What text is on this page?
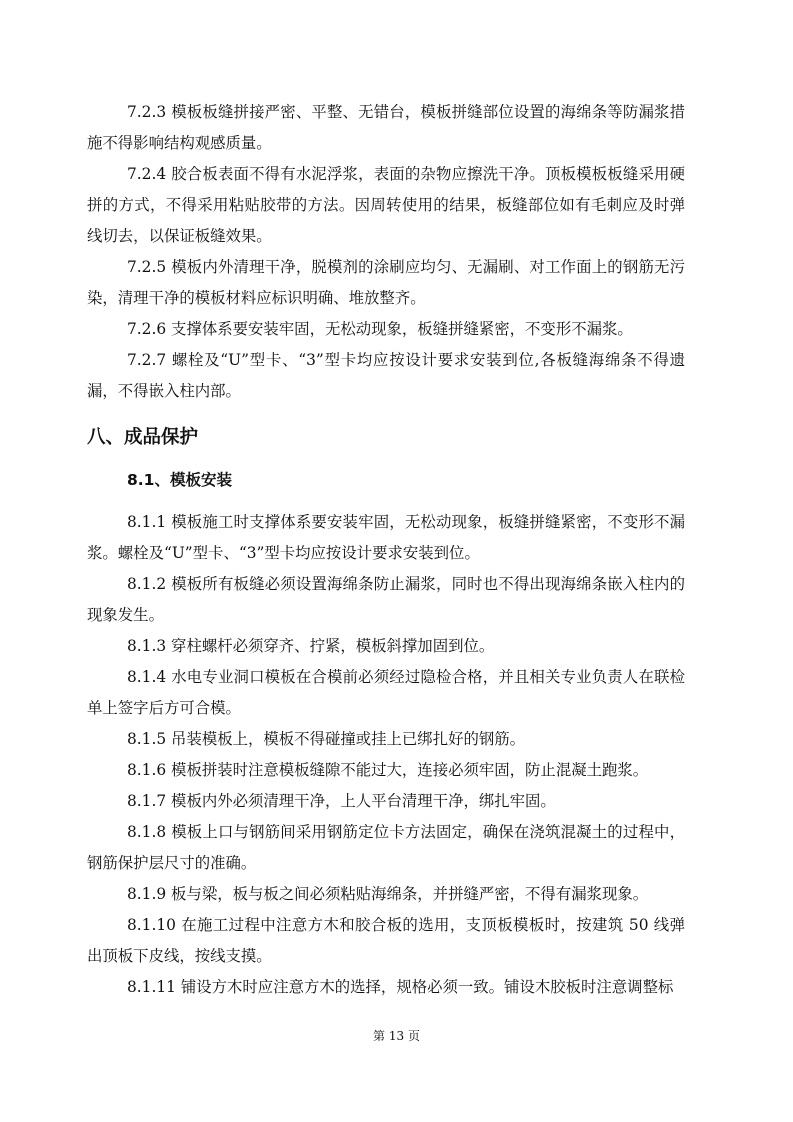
7.2.3 模板板缝拼接严密、平整、无错台，模板拼缝部位设置的海绵条等防漏浆措施不得影响结构观感质量。

7.2.4 胶合板表面不得有水泥浮浆，表面的杂物应擦洗干净。顶板模板板缝采用硬拼的方式，不得采用粘贴胶带的方法。因周转使用的结果，板缝部位如有毛刺应及时弹线切去，以保证板缝效果。

7.2.5 模板内外清理干净，脱模剂的涂刷应均匀、无漏刷、对工作面上的钢筋无污染，清理干净的模板材料应标识明确、堆放整齐。

7.2.6 支撑体系要安装牢固，无松动现象，板缝拼缝紧密，不变形不漏浆。

7.2.7 螺栓及“U”型卡、“3”型卡均应按设计要求安装到位,各板缝海绵条不得遗漏，不得嵌入柱内部。

八、成品保护
8.1、模板安装

8.1.1 模板施工时支撑体系要安装牢固，无松动现象，板缝拼缝紧密，不变形不漏浆。螺栓及“U”型卡、“3”型卡均应按设计要求安装到位。

8.1.2 模板所有板缝必须设置海绵条防止漏浆，同时也不得出现海绵条嵌入柱内的现象发生。

8.1.3 穿柱螺杆必须穿齐、拧紧，模板斜撑加固到位。

8.1.4 水电专业洞口模板在合模前必须经过隐检合格，并且相关专业负责人在联检单上签字后方可合模。

8.1.5 吊装模板上，模板不得碰撞或挂上已绑扎好的钢筋。

8.1.6 模板拼装时注意模板缝隙不能过大，连接必须牢固，防止混凝土跑浆。

8.1.7 模板内外必须清理干净，上人平台清理干净，绑扎牢固。

8.1.8 模板上口与钢筋间采用钢筋定位卡方法固定，确保在浇筑混凝土的过程中，钢筋保护层尺寸的准确。

8.1.9 板与梁，板与板之间必须粘贴海绵条，并拼缝严密，不得有漏浆现象。

8.1.10 在施工过程中注意方木和胶合板的选用，支顶板模板时，按建筑 50 线弹出顶板下皮线，按线支摸。

8.1.11 铺设方木时应注意方木的选择，规格必须一致。铺设木胶板时注意调整标

第 13 页
